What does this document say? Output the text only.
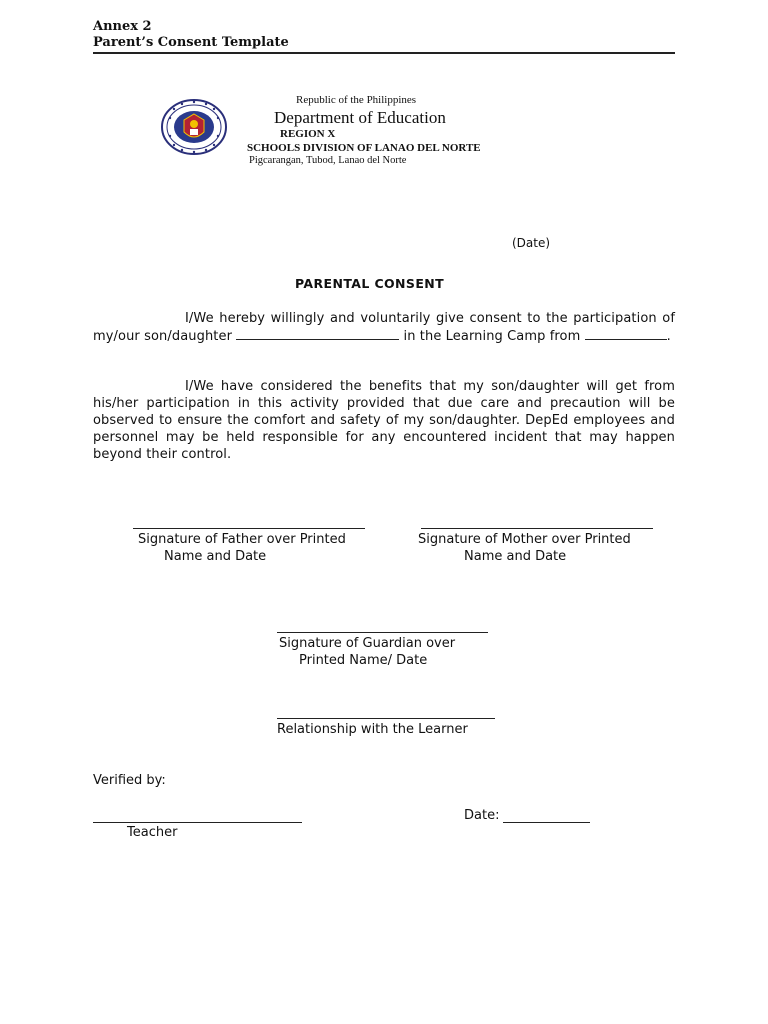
Annex 2
Parent’s Consent Template
Republic of the Philippines
Department of Education
REGION X
SCHOOLS DIVISION OF LANAO DEL NORTE
Pigcarangan, Tubod, Lanao del Norte
(Date)
PARENTAL CONSENT

I/We hereby willingly and voluntarily give consent to the participation of my/our son/daughter	in the Learning Camp from	.

I/We have considered the benefits that my son/daughter will get from his/her participation in this activity provided that due care and precaution will be observed to ensure the comfort and safety of my son/daughter. DepEd employees and personnel may be held responsible for any encountered incident that may happen beyond their control.

Signature of Father over Printed
Name and Date
Signature of Mother over Printed
Name and Date
Signature of Guardian over
Printed Name/ Date
Relationship with the Learner
Verified by:
Teacher
Date:
